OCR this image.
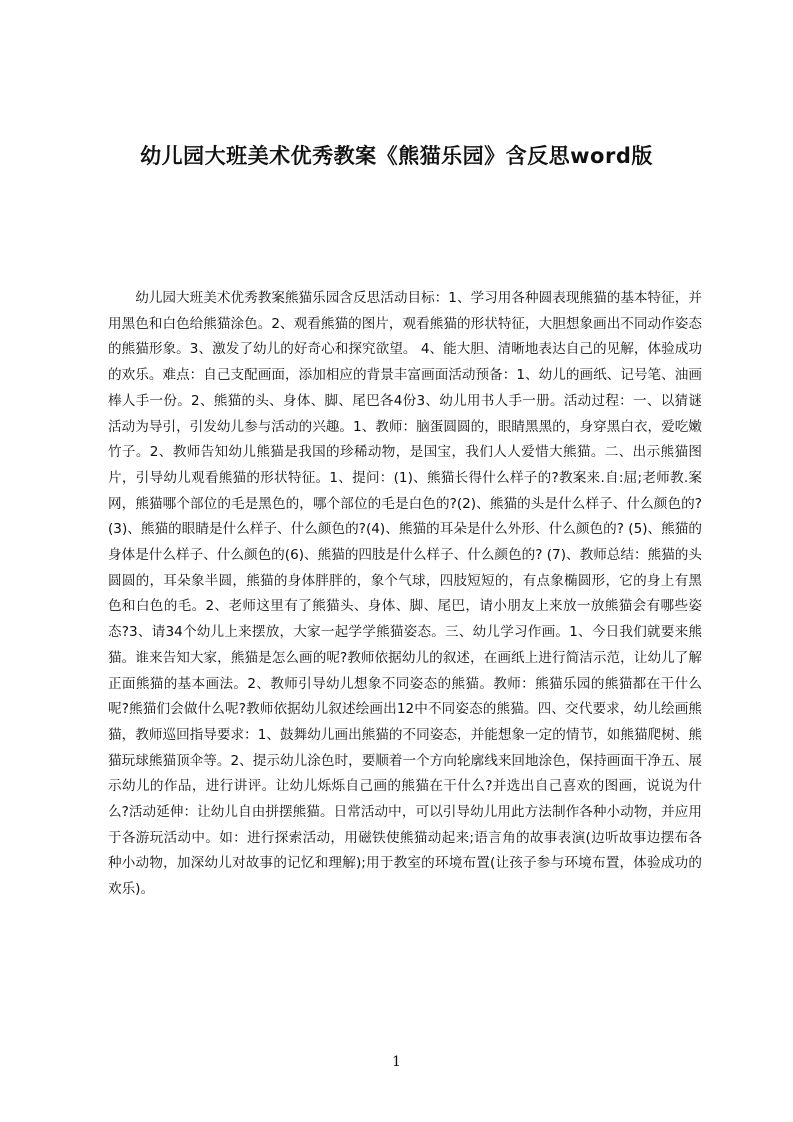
幼儿园大班美术优秀教案《熊猫乐园》含反思word版

幼儿园大班美术优秀教案熊猫乐园含反思活动目标：1、学习用各种圆表现熊猫的基本特征，并用黑色和白色给熊猫涂色。2、观看熊猫的图片，观看熊猫的形状特征，大胆想象画出不同动作姿态的熊猫形象。3、激发了幼儿的好奇心和探究欲望。 4、能大胆、清晰地表达自己的见解，体验成功的欢乐。难点：自己支配画面，添加相应的背景丰富画面活动预备：1、幼儿的画纸、记号笔、油画棒人手一份。2、熊猫的头、身体、脚、尾巴各4份3、幼儿用书人手一册。活动过程：一、以猜谜活动为导引，引发幼儿参与活动的兴趣。1、教师：脑蛋圆圆的，眼睛黑黑的，身穿黑白衣，爱吃嫩竹子。2、教师告知幼儿熊猫是我国的珍稀动物，是国宝，我们人人爱惜大熊猫。二、出示熊猫图片，引导幼儿观看熊猫的形状特征。1、提问：(1)、熊猫长得什么样子的?教案来.自:屈;老师教.案网，熊猫哪个部位的毛是黑色的，哪个部位的毛是白色的?(2)、熊猫的头是什么样子、什么颜色的?(3)、熊猫的眼睛是什么样子、什么颜色的?(4)、熊猫的耳朵是什么外形、什么颜色的? (5)、熊猫的身体是什么样子、什么颜色的(6)、熊猫的四肢是什么样子、什么颜色的? (7)、教师总结：熊猫的头圆圆的，耳朵象半圆，熊猫的身体胖胖的，象个气球，四肢短短的，有点象椭圆形，它的身上有黑色和白色的毛。2、老师这里有了熊猫头、身体、脚、尾巴，请小朋友上来放一放熊猫会有哪些姿态?3、请34个幼儿上来摆放，大家一起学学熊猫姿态。三、幼儿学习作画。1、今日我们就要来熊猫。谁来告知大家，熊猫是怎么画的呢?教师依据幼儿的叙述，在画纸上进行简洁示范，让幼儿了解正面熊猫的基本画法。2、教师引导幼儿想象不同姿态的熊猫。教师：熊猫乐园的熊猫都在干什么呢?熊猫们会做什么呢?教师依据幼儿叙述绘画出12中不同姿态的熊猫。四、交代要求，幼儿绘画熊猫，教师巡回指导要求：1、鼓舞幼儿画出熊猫的不同姿态，并能想象一定的情节，如熊猫爬树、熊猫玩球熊猫顶伞等。2、提示幼儿涂色时，要顺着一个方向轮廓线来回地涂色，保持画面干净五、展示幼儿的作品，进行讲评。让幼儿烁烁自己画的熊猫在干什么?并选出自己喜欢的图画，说说为什么?活动延伸：让幼儿自由拼摆熊猫。日常活动中，可以引导幼儿用此方法制作各种小动物，并应用于各游玩活动中。如：进行探索活动，用磁铁使熊猫动起来;语言角的故事表演(边听故事边摆布各种小动物，加深幼儿对故事的记忆和理解);用于教室的环境布置(让孩子参与环境布置，体验成功的欢乐)。

1
